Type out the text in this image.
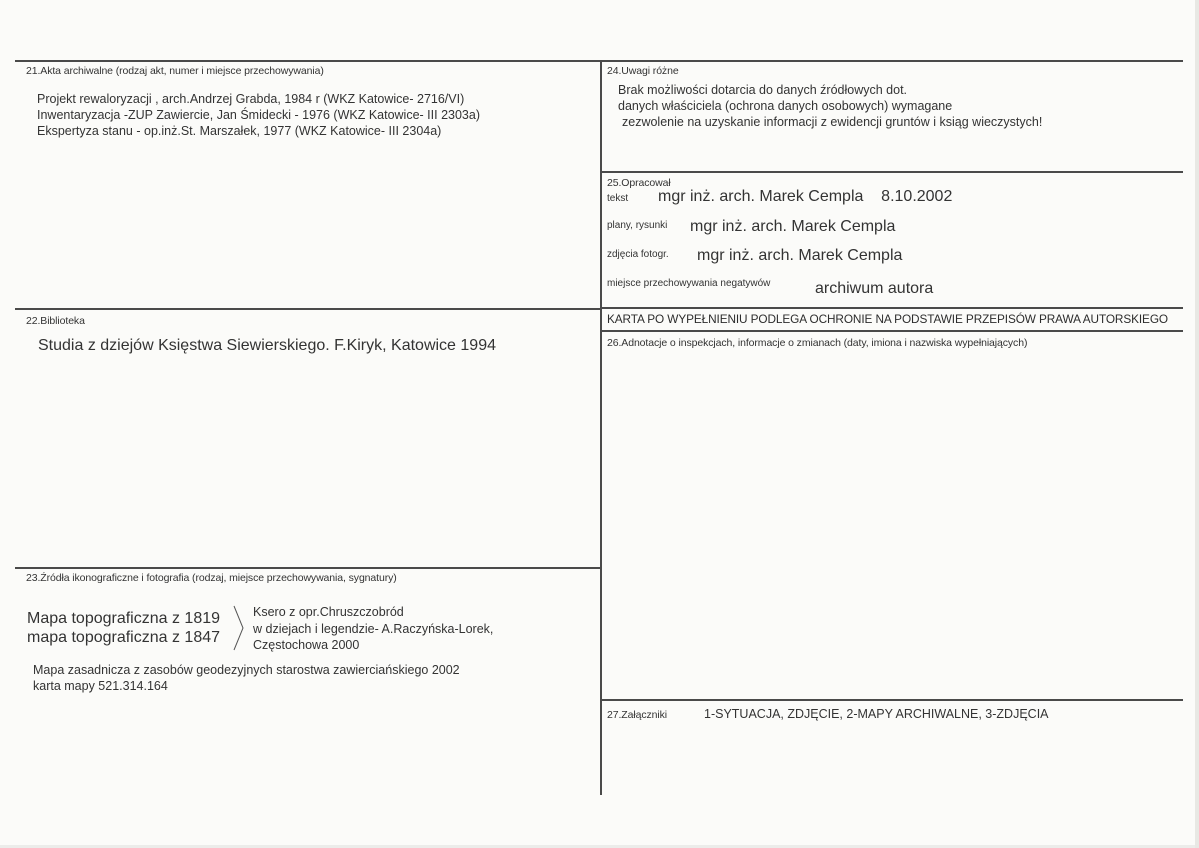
21.Akta archiwalne (rodzaj akt, numer i miejsce przechowywania)
Projekt rewaloryzacji , arch.Andrzej Grabda, 1984 r (WKZ Katowice- 2716/VI)
Inwentaryzacja -ZUP Zawiercie, Jan Śmidecki - 1976 (WKZ Katowice- III 2303a)
Ekspertyza stanu - op.inż.St. Marszałek, 1977 (WKZ Katowice- III 2304a)
24.Uwagi różne
Brak możliwości dotarcia do danych źródłowych dot.
danych właściciela (ochrona danych osobowych) wymagane
zezwolenie na uzyskanie informacji z ewidencji gruntów i ksiąg wieczystych!
25.Opracował
tekst mgr inż. arch. Marek Cempla    8.10.2002
plany, rysunki mgr inż. arch. Marek Cempla
zdjęcia fotogr. mgr inż. arch. Marek Cempla
miejsce przechowywania negatywów	archiwum autora
KARTA PO WYPEŁNIENIU PODLEGA OCHRONIE NA PODSTAWIE PRZEPISÓW PRAWA AUTORSKIEGO
22.Biblioteka
Studia z dziejów Księstwa Siewierskiego. F.Kiryk, Katowice 1994	26.Adnotacje o inspekcjach, informacje o zmianach (daty, imiona i nazwiska wypełniających)
23.Źródła ikonograficzne i fotografia (rodzaj, miejsce przechowywania, sygnatury)
Mapa topograficzna z 1819
mapa topograficzna z 1847
Ksero z opr.Chruszczobród
w dziejach i legendzie- A.Raczyńska-Lorek,
Częstochowa 2000
Mapa zasadnicza z zasobów geodezyjnych starostwa zawierciańskiego 2002
karta mapy 521.314.164
27.Załączniki	1-SYTUACJA, ZDJĘCIE, 2-MAPY ARCHIWALNE, 3-ZDJĘCIA
